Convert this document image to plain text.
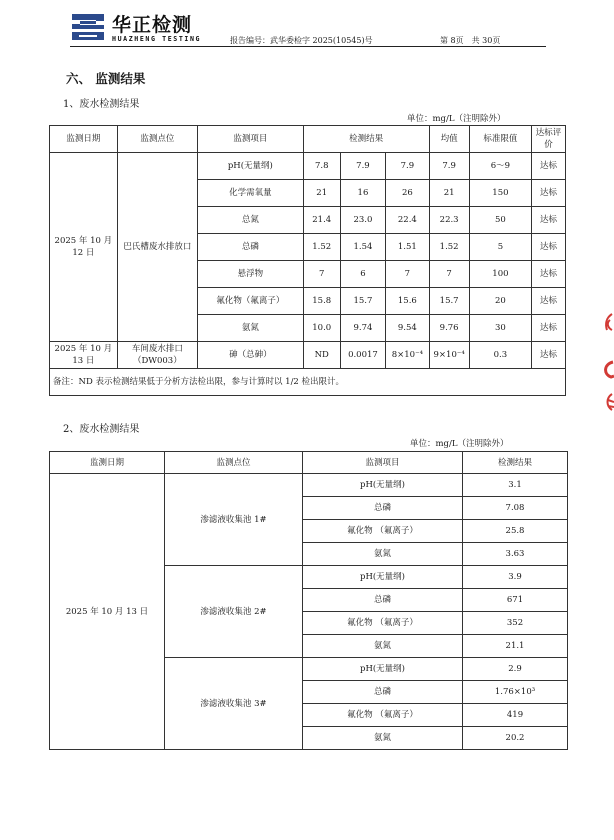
华正检测
HUAZHENG TESTING	报告编号：武华委检字 2025(10545)号	第 8页　共 30页
六、 监测结果
1、废水检测结果
单位：mg/L（注明除外）
监测日期	监测点位	监测项目	检测结果			均值	标准限值	达标评价
2025 年 10 月 12 日	巴氏槽废水排放口	pH(无量纲)	7.8	7.9	7.9	7.9	6～9	达标
		化学需氧量	21	16	26	21	150	达标
		总氮	21.4	23.0	22.4	22.3	50	达标
		总磷	1.52	1.54	1.51	1.52	5	达标
		悬浮物	7	6	7	7	100	达标
		氟化物（氟离子）	15.8	15.7	15.6	15.7	20	达标
		氨氮	10.0	9.74	9.54	9.76	30	达标
2025 年 10 月 13 日	车间废水排口（DW003）	砷（总砷）	ND	0.0017	8×10⁻⁴	9×10⁻⁴	0.3	达标
备注：ND 表示检测结果低于分析方法检出限，参与计算时以 1/2 检出限计。								
2、废水检测结果
单位：mg/L（注明除外）
监测日期	监测点位	监测项目	检测结果
2025 年 10 月 13 日	渗滤液收集池 1#	pH(无量纲)	3.1
		总磷	7.08
		氟化物 （氟离子）	25.8
		氨氮	3.63
	渗滤液收集池 2#	pH(无量纲)	3.9
		总磷	671
		氟化物 （氟离子）	352
		氨氮	21.1
	渗滤液收集池 3#	pH(无量纲)	2.9
		总磷	1.76×10³
		氟化物 （氟离子）	419
		氨氮	20.2
